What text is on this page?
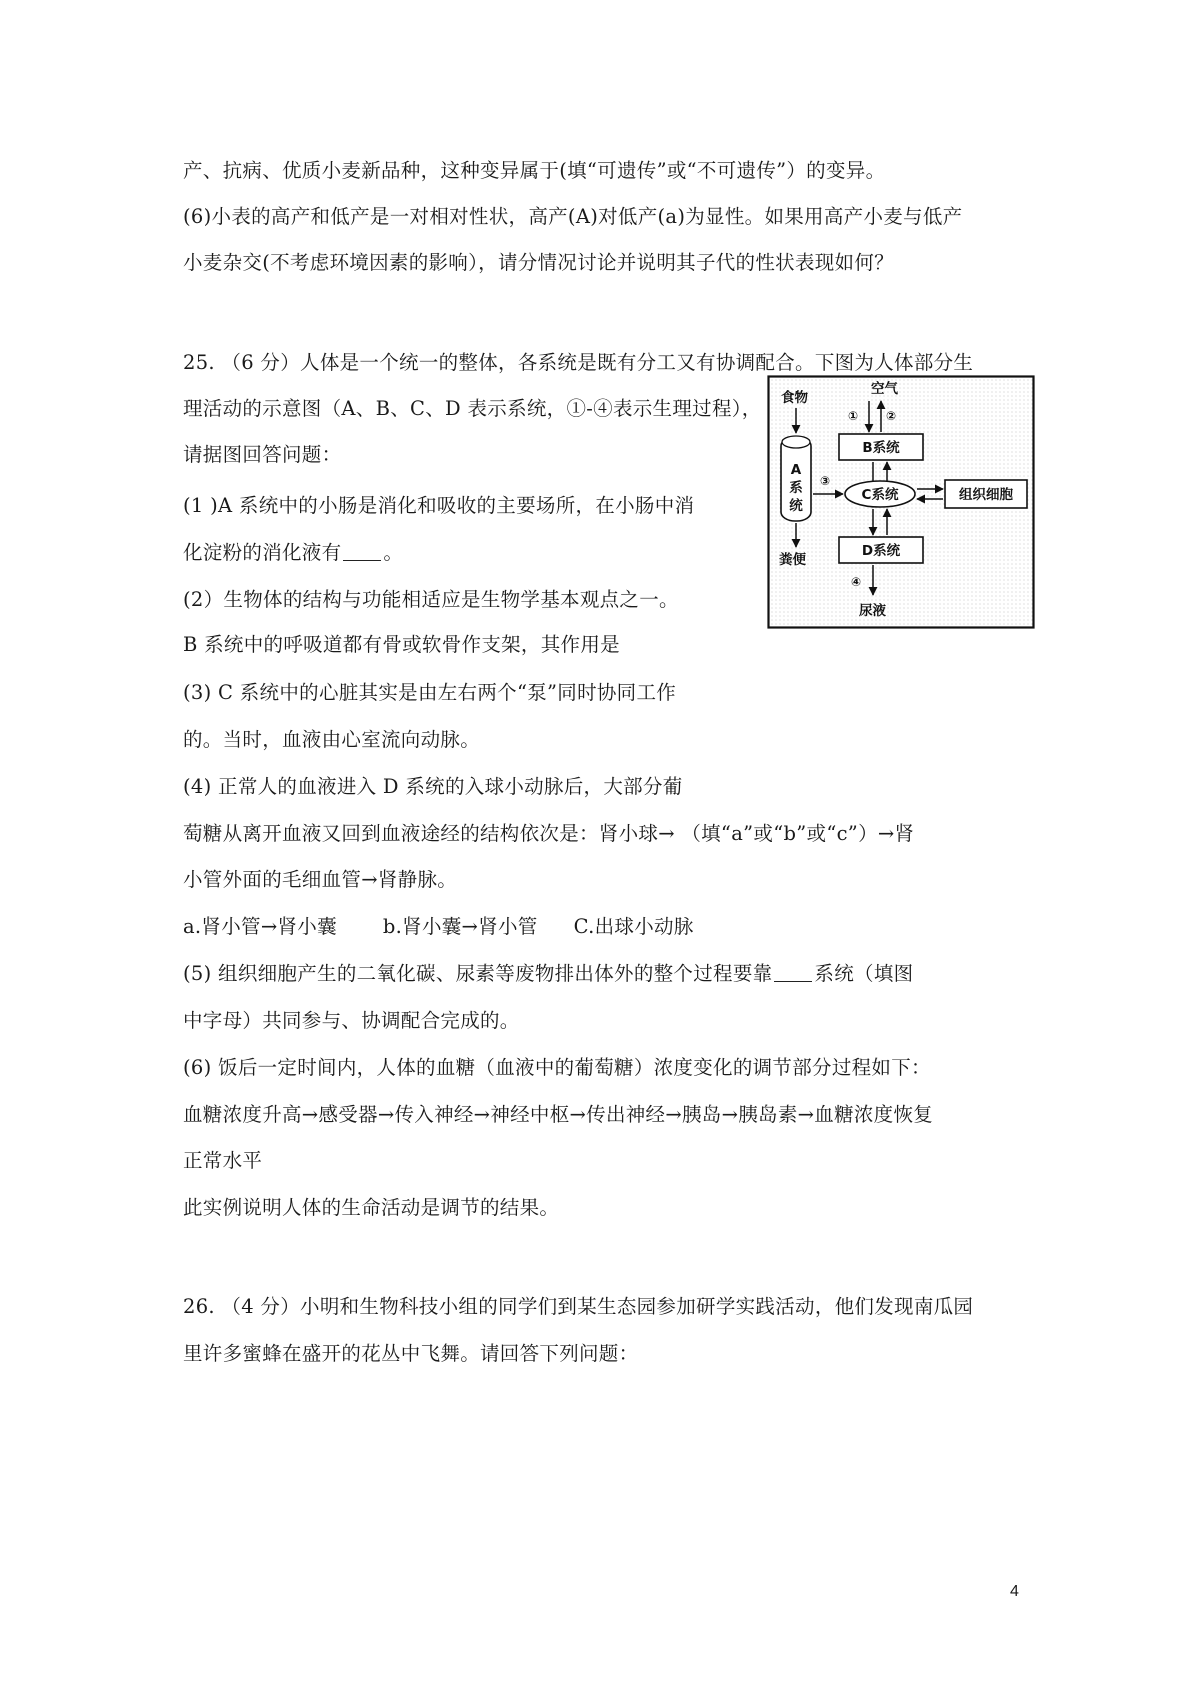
产、抗病、优质小麦新品种，这种变异属于(填“可遗传”或“不可遗传”）的变异。
(6)小表的高产和低产是一对相对性状，高产(A)对低产(a)为显性。如果用高产小麦与低产
小麦杂交(不考虑环境因素的影响），请分情况讨论并说明其子代的性状表现如何？
25. （6 分）人体是一个统一的整体，各系统是既有分工又有协调配合。下图为人体部分生
理活动的示意图（A、B、C、D 表示系统，①-④表示生理过程），
请据图回答问题：
(1 )A 系统中的小肠是消化和吸收的主要场所，在小肠中消
化淀粉的消化液有 。
(2）生物体的结构与功能相适应是生物学基本观点之一。
B 系统中的呼吸道都有骨或软骨作支架，其作用是
(3) C 系统中的心脏其实是由左右两个“泵”同时协同工作
的。当时，血液由心室流向动脉。
(4) 正常人的血液进入 D 系统的入球小动脉后，大部分葡
萄糖从离开血液又回到血液途经的结构依次是：肾小球→ （填“a”或“b”或“c”）→肾
小管外面的毛细血管→肾静脉。
a.肾小管→肾小囊 b.肾小囊→肾小管 C.出球小动脉
(5) 组织细胞产生的二氧化碳、尿素等废物排出体外的整个过程要靠 系统（填图
中字母）共同参与、协调配合完成的。
(6) 饭后一定时间内，人体的血糖（血液中的葡萄糖）浓度变化的调节部分过程如下：
血糖浓度升高→感受器→传入神经→神经中枢→传出神经→胰岛→胰岛素→血糖浓度恢复
正常水平
此实例说明人体的生命活动是调节的结果。
26. （4 分）小明和生物科技小组的同学们到某生态园参加研学实践活动，他们发现南瓜园
里许多蜜蜂在盛开的花丛中飞舞。请回答下列问题：
空气
① ②
B系统
食物
A
系
统
粪便
③
C系统	组织细胞
D系统
④
尿液
4
